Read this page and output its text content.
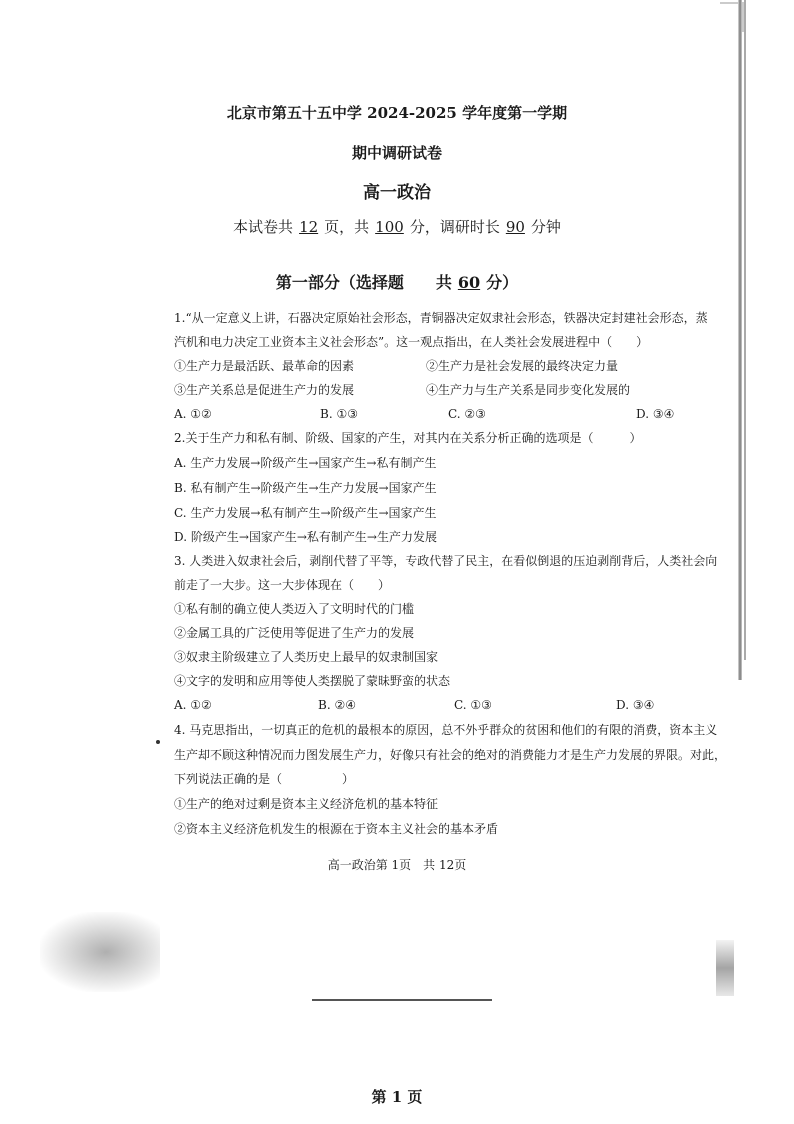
北京市第五十五中学 2024-2025 学年度第一学期
期中调研试卷
高一政治
本试卷共 12 页，共 100 分，调研时长 90 分钟
第一部分（选择题　　共 60 分）
1.“从一定意义上讲，石器决定原始社会形态，青铜器决定奴隶社会形态，铁器决定封建社会形态，蒸
汽机和电力决定工业资本主义社会形态”。这一观点指出，在人类社会发展进程中（　　）
①生产力是最活跃、最革命的因素	②生产力是社会发展的最终决定力量
③生产关系总是促进生产力的发展	④生产力与生产关系是同步变化发展的
A. ①②	B. ①③	C. ②③	D. ③④
2.关于生产力和私有制、阶级、国家的产生，对其内在关系分析正确的选项是（　　　）
A. 生产力发展→阶级产生→国家产生→私有制产生
B. 私有制产生→阶级产生→生产力发展→国家产生
C. 生产力发展→私有制产生→阶级产生→国家产生
D. 阶级产生→国家产生→私有制产生→生产力发展
3. 人类进入奴隶社会后，剥削代替了平等，专政代替了民主，在看似倒退的压迫剥削背后，人类社会向
前走了一大步。这一大步体现在（　　）
①私有制的确立使人类迈入了文明时代的门槛
②金属工具的广泛使用等促进了生产力的发展
③奴隶主阶级建立了人类历史上最早的奴隶制国家
④文字的发明和应用等使人类摆脱了蒙昧野蛮的状态
A. ①②	B. ②④	C. ①③	D. ③④
4. 马克思指出，一切真正的危机的最根本的原因，总不外乎群众的贫困和他们的有限的消费，资本主义
生产却不顾这种情况而力图发展生产力，好像只有社会的绝对的消费能力才是生产力发展的界限。对此，
下列说法正确的是（　　　　　）
①生产的绝对过剩是资本主义经济危机的基本特征
②资本主义经济危机发生的根源在于资本主义社会的基本矛盾
高一政治第 1页　共 12页
第 1 页
